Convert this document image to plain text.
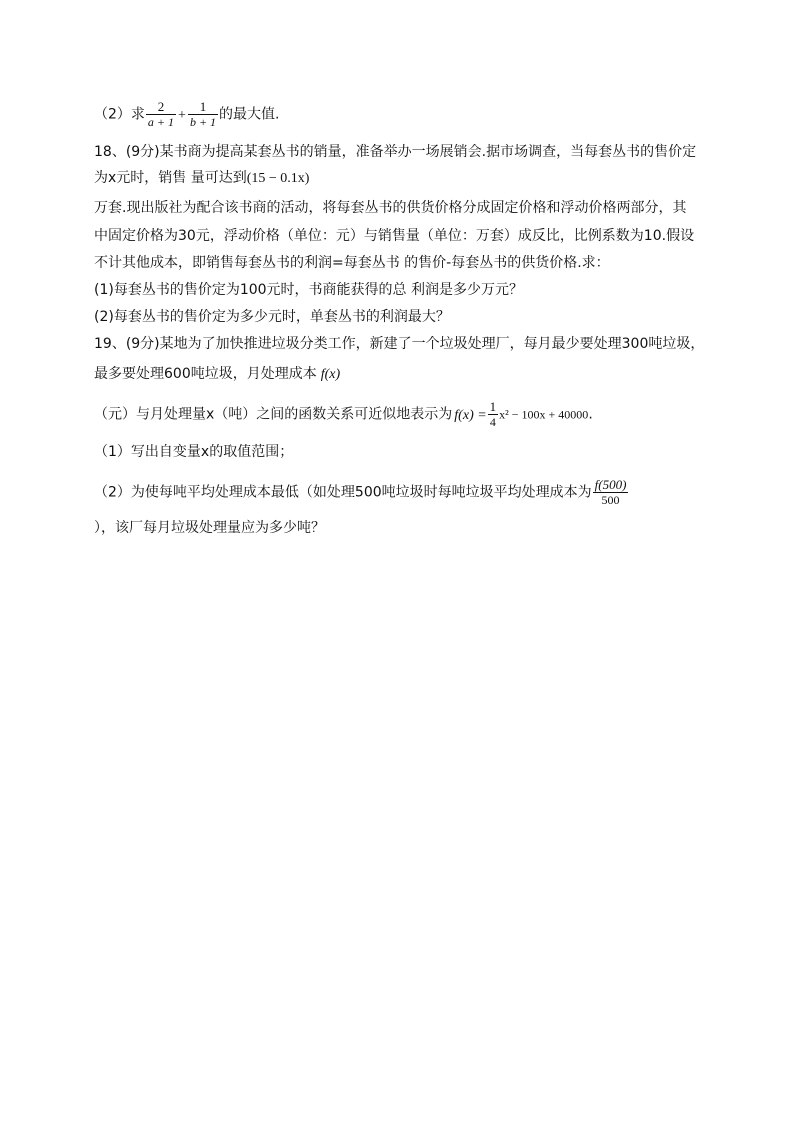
（2）求 $\frac{2}{a + 1} + \frac{1}{b + 1}$ 的最大值.
18、(9分)某书商为提高某套丛书的销量，准备举办一场展销会.据市场调查，当每套丛书的售价定
为x元时，销售 量可达到(15 − 0.1x)
万套.现出版社为配合该书商的活动，将每套丛书的供货价格分成固定价格和浮动价格两部分，其
中固定价格为30元，浮动价格（单位：元）与销售量（单位：万套）成反比，比例系数为10.假设
不计其他成本，即销售每套丛书的利润=每套丛书 的售价-每套丛书的供货价格.求：
(1)每套丛书的售价定为100元时，书商能获得的总 利润是多少万元？
(2)每套丛书的售价定为多少元时，单套丛书的利润最大？
19、(9分)某地为了加快推进垃圾分类工作，新建了一个垃圾处理厂，每月最少要处理300吨垃圾，
最多要处理600吨垃圾，月处理成本 f(x)
（元）与月处理量x（吨）之间的函数关系可近似地表示为 $f(x) = \frac{1}{4} x^2 - 100x + 40000$.
（1）写出自变量x的取值范围；
（2）为使每吨平均处理成本最低（如处理500吨垃圾时每吨垃圾平均处理成本为 $\frac{f(500)}{500}$
），该厂每月垃圾处理量应为多少吨？
